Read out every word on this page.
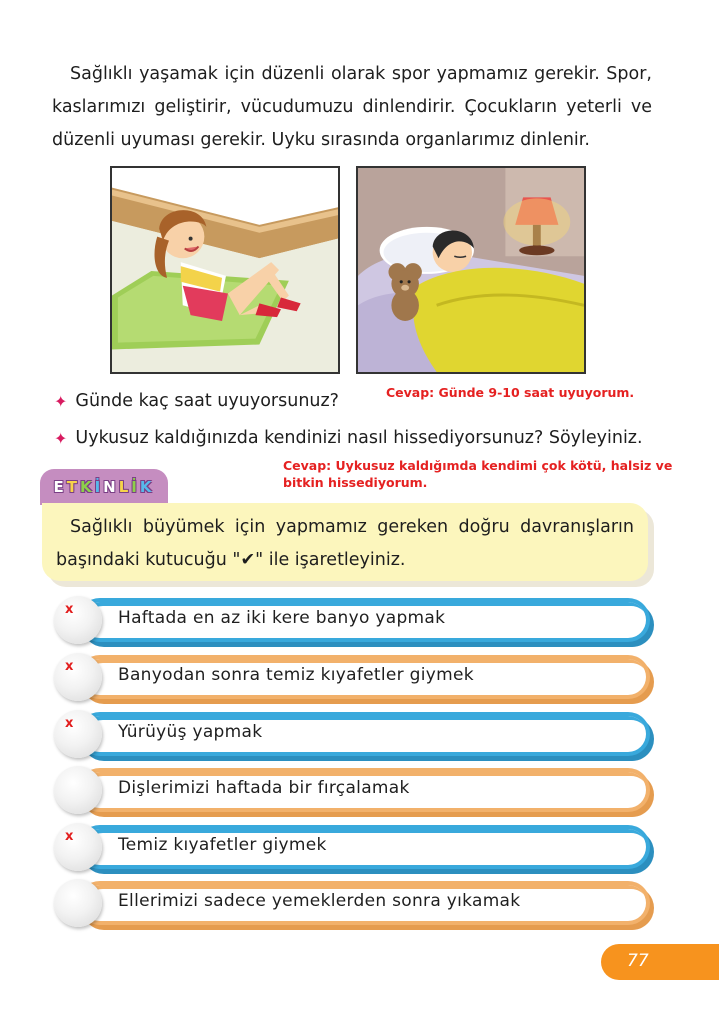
Sağlıklı yaşamak için düzenli olarak spor yapmamız gerekir. Spor, kaslarımızı geliştirir, vücudumuzu dinlendirir. Çocukların yeterli ve düzenli uyuması gerekir. Uyku sırasında organlarımız dinlenir.

✦ Günde kaç saat uyuyorsunuz?	Cevap: Günde 9-10 saat uyuyorum.
✦ Uykusuz kaldığınızda kendinizi nasıl hissediyorsunuz? Söyleyiniz.
Cevap: Uykusuz kaldığımda kendimi çok kötü, halsiz ve bitkin hissediyorum.
ETKİNLİK

Sağlıklı büyümek için yapmamız gereken doğru davranışların başındaki kutucuğu "✔" ile işaretleyiniz.

x	Haftada en az iki kere banyo yapmak
x	Banyodan sonra temiz kıyafetler giymek
x	Yürüyüş yapmak
Dişlerimizi haftada bir fırçalamak
x	Temiz kıyafetler giymek
Ellerimizi sadece yemeklerden sonra yıkamak
77
